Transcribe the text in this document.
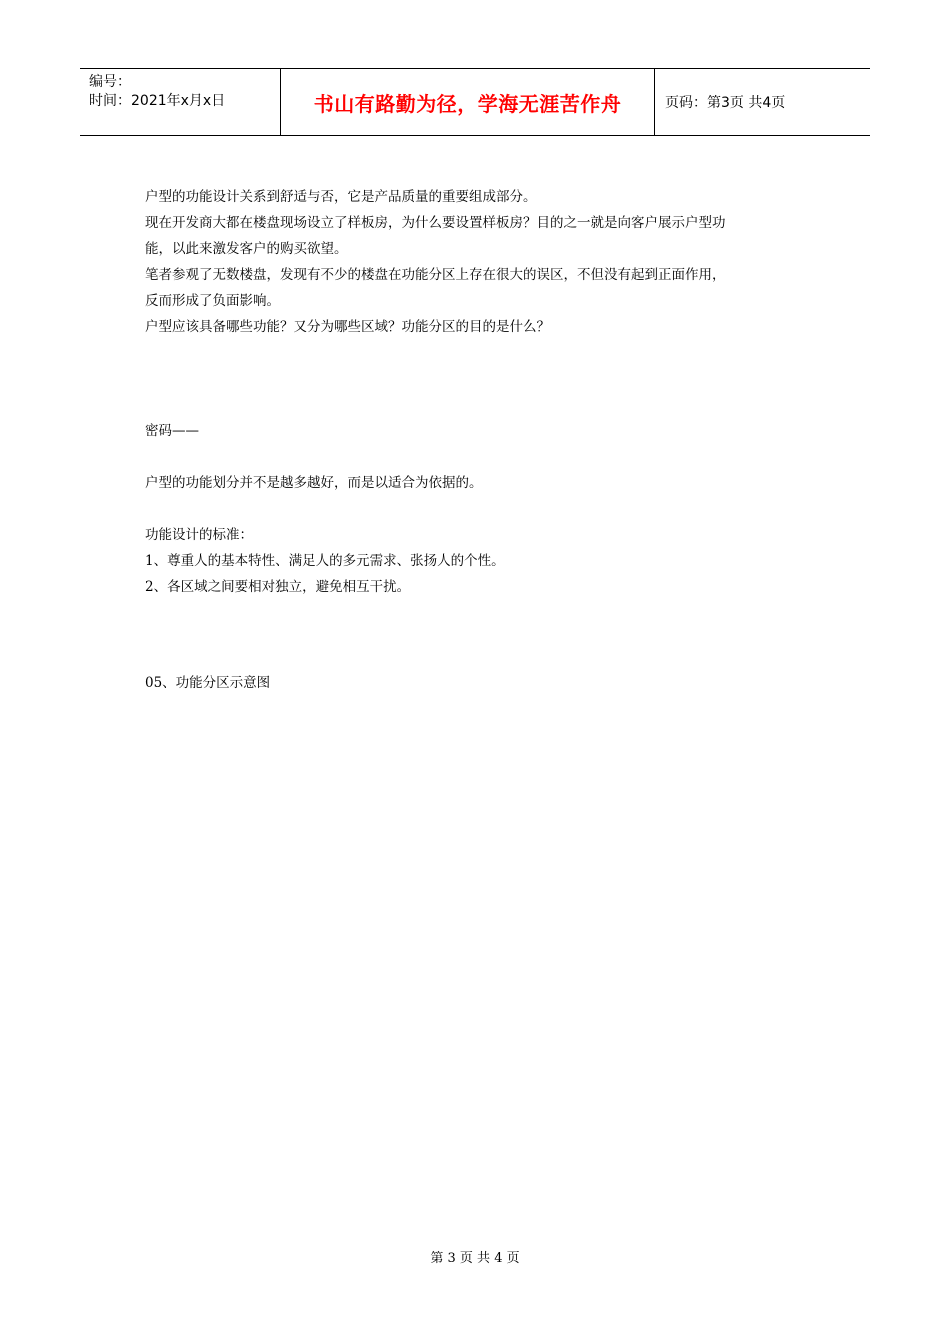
编号：
时间：2021年x月x日	书山有路勤为径，学海无涯苦作舟	页码：第3页 共4页

户型的功能设计关系到舒适与否，它是产品质量的重要组成部分。

现在开发商大都在楼盘现场设立了样板房，为什么要设置样板房？目的之一就是向客户展示户型功

能，以此来激发客户的购买欲望。

笔者参观了无数楼盘，发现有不少的楼盘在功能分区上存在很大的误区，不但没有起到正面作用，

反而形成了负面影响。

户型应该具备哪些功能？又分为哪些区域？功能分区的目的是什么？

密码——

户型的功能划分并不是越多越好，而是以适合为依据的。

功能设计的标准：

1、尊重人的基本特性、满足人的多元需求、张扬人的个性。

2、各区域之间要相对独立，避免相互干扰。

05、功能分区示意图

第 3 页 共 4 页
